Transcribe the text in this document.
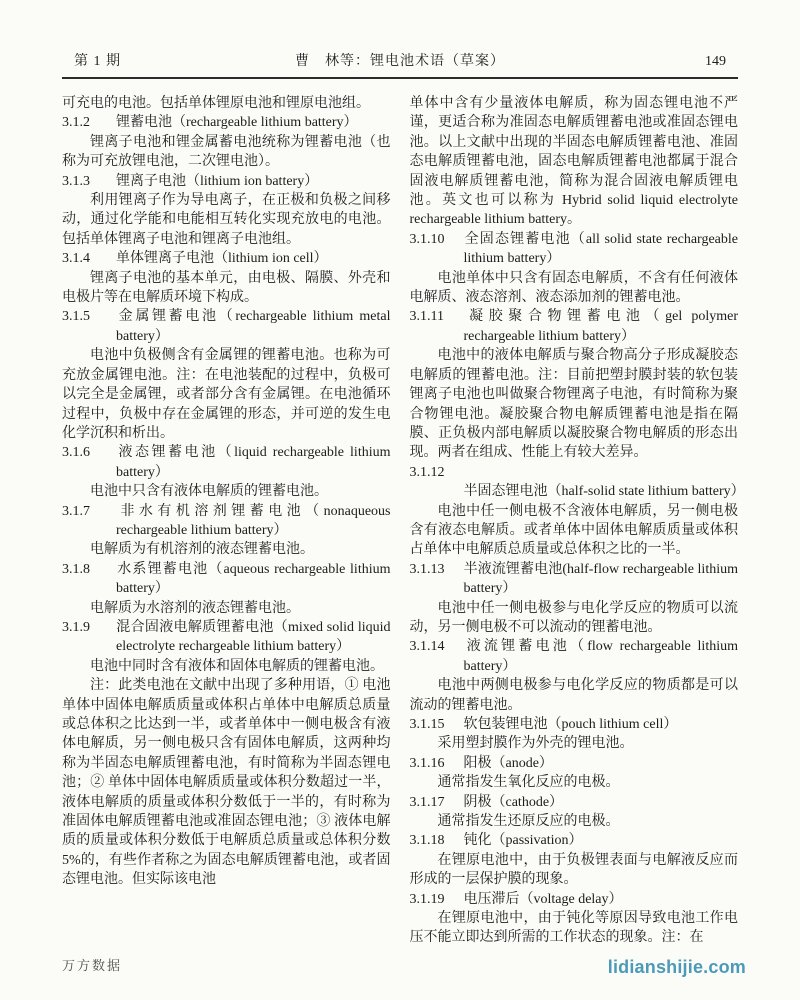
第 1 期	曹　林等：锂电池术语（草案）	149
可充电的电池。包括单体锂原电池和锂原电池组。
3.1.2 锂蓄电池（rechargeable lithium battery）
锂离子电池和锂金属蓄电池统称为锂蓄电池（也称为可充放锂电池，二次锂电池）。
3.1.3 锂离子电池（lithium ion battery）
利用锂离子作为导电离子，在正极和负极之间移动，通过化学能和电能相互转化实现充放电的电池。包括单体锂离子电池和锂离子电池组。
3.1.4 单体锂离子电池（lithium ion cell）
锂离子电池的基本单元，由电极、隔膜、外壳和电极片等在电解质环境下构成。
3.1.5 金属锂蓄电池（rechargeable lithium metal battery）
电池中负极侧含有金属锂的锂蓄电池。也称为可充放金属锂电池。注：在电池装配的过程中，负极可以完全是金属锂，或者部分含有金属锂。在电池循环过程中，负极中存在金属锂的形态，并可逆的发生电化学沉积和析出。
3.1.6 液态锂蓄电池（liquid rechargeable lithium battery）
电池中只含有液体电解质的锂蓄电池。
3.1.7 非水有机溶剂锂蓄电池（nonaqueous rechargeable lithium battery）
电解质为有机溶剂的液态锂蓄电池。
3.1.8 水系锂蓄电池（aqueous rechargeable lithium battery）
电解质为水溶剂的液态锂蓄电池。
3.1.9 混合固液电解质锂蓄电池（mixed solid liquid electrolyte rechargeable lithium battery）
电池中同时含有液体和固体电解质的锂蓄电池。
注：此类电池在文献中出现了多种用语，① 电池单体中固体电解质质量或体积占单体中电解质总质量或总体积之比达到一半，或者单体中一侧电极含有液体电解质，另一侧电极只含有固体电解质，这两种均称为半固态电解质锂蓄电池，有时简称为半固态锂电池；② 单体中固体电解质质量或体积分数超过一半，液体电解质的质量或体积分数低于一半的，有时称为准固体电解质锂蓄电池或准固态锂电池；③ 液体电解质的质量或体积分数低于电解质总质量或总体积分数 5%的，有些作者称之为固态电解质锂蓄电池，或者固态锂电池。但实际该电池
单体中含有少量液体电解质，称为固态锂电池不严谨，更适合称为准固态电解质锂蓄电池或准固态锂电池。以上文献中出现的半固态电解质锂蓄电池、准固态电解质锂蓄电池，固态电解质锂蓄电池都属于混合固液电解质锂蓄电池，简称为混合固液电解质锂电池。英文也可以称为 Hybrid solid liquid electrolyte rechargeable lithium battery。
3.1.10 全固态锂蓄电池（all solid state rechargeable lithium battery）
电池单体中只含有固态电解质，不含有任何液体电解质、液态溶剂、液态添加剂的锂蓄电池。
3.1.11 凝胶聚合物锂蓄电池（gel polymer rechargeable lithium battery）
电池中的液体电解质与聚合物高分子形成凝胶态电解质的锂蓄电池。注：目前把塑封膜封装的软包装锂离子电池也叫做聚合物锂离子电池，有时简称为聚合物锂电池。凝胶聚合物电解质锂蓄电池是指在隔膜、正负极内部电解质以凝胶聚合物电解质的形态出现。两者在组成、性能上有较大差异。
3.1.12半固态锂电池（half-solid state lithium battery）
电池中任一侧电极不含液体电解质，另一侧电极含有液态电解质。或者单体中固体电解质质量或体积占单体中电解质总质量或总体积之比的一半。
3.1.13 半液流锂蓄电池(half-flow rechargeable lithium battery）
电池中任一侧电极参与电化学反应的物质可以流动，另一侧电极不可以流动的锂蓄电池。
3.1.14 液流锂蓄电池（flow rechargeable lithium battery）
电池中两侧电极参与电化学反应的物质都是可以流动的锂蓄电池。
3.1.15 软包装锂电池（pouch lithium cell）
采用塑封膜作为外壳的锂电池。
3.1.16 阳极（anode）
通常指发生氧化反应的电极。
3.1.17 阴极（cathode）
通常指发生还原反应的电极。
3.1.18 钝化（passivation）
在锂原电池中，由于负极锂表面与电解液反应而形成的一层保护膜的现象。
3.1.19 电压滞后（voltage delay）
在锂原电池中，由于钝化等原因导致电池工作电压不能立即达到所需的工作状态的现象。注：在
万方数据	lidianshijie.com
